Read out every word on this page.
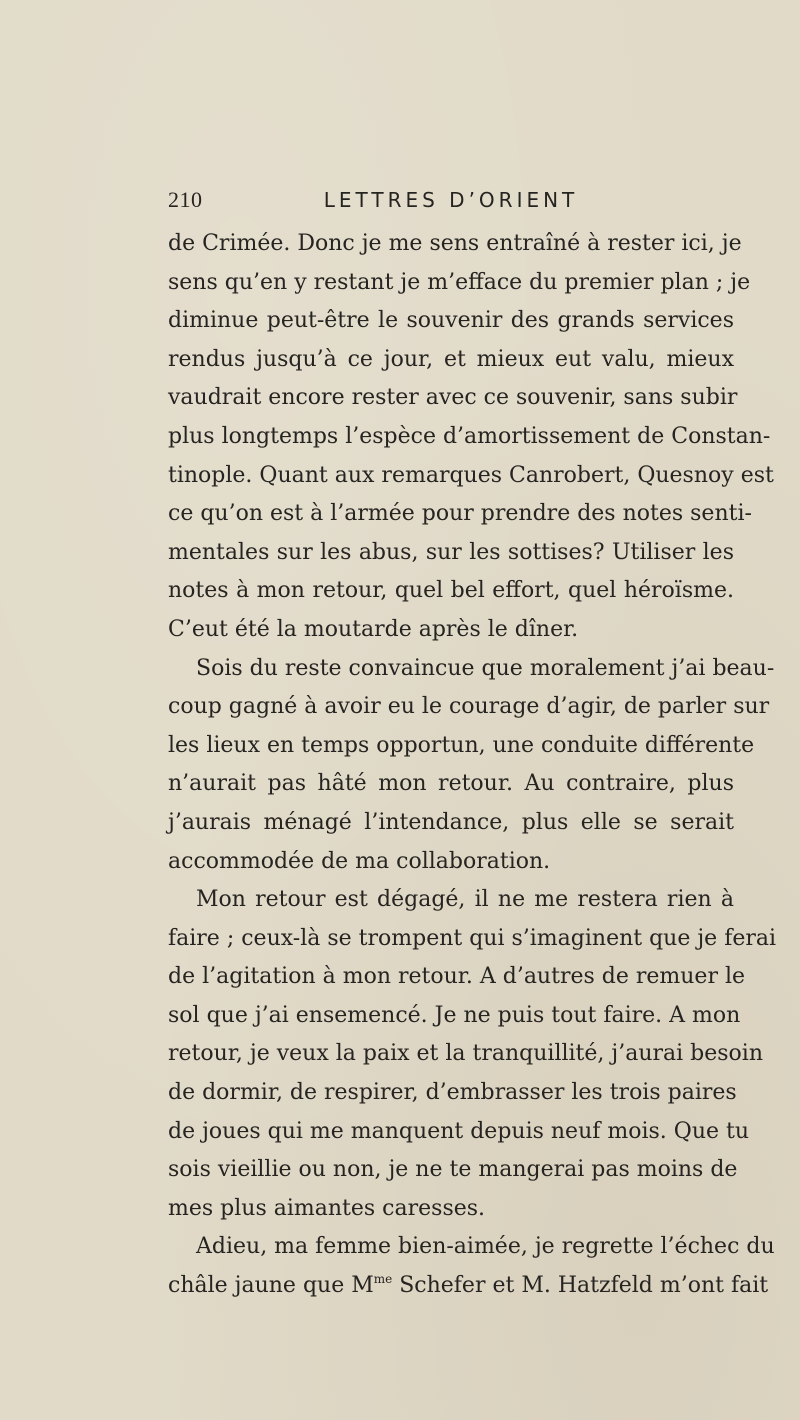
210	LETTRES D’ORIENT
de Crimée. Donc je me sens entraîné à rester ici, je
sens qu’en y restant je m’efface du premier plan ; je
diminue peut-être le souvenir des grands services
rendus jusqu’à ce jour, et mieux eut valu, mieux
vaudrait encore rester avec ce souvenir, sans subir
plus longtemps l’espèce d’amortissement de Constan-
tinople. Quant aux remarques Canrobert, Quesnoy est
ce qu’on est à l’armée pour prendre des notes senti-
mentales sur les abus, sur les sottises? Utiliser les
notes à mon retour, quel bel effort, quel héroïsme.
C’eut été la moutarde après le dîner.
Sois du reste convaincue que moralement j’ai beau-
coup gagné à avoir eu le courage d’agir, de parler sur
les lieux en temps opportun, une conduite différente
n’aurait pas hâté mon retour. Au contraire, plus
j’aurais ménagé l’intendance, plus elle se serait
accommodée de ma collaboration.
Mon retour est dégagé, il ne me restera rien à
faire ; ceux-là se trompent qui s’imaginent que je ferai
de l’agitation à mon retour. A d’autres de remuer le
sol que j’ai ensemencé. Je ne puis tout faire. A mon
retour, je veux la paix et la tranquillité, j’aurai besoin
de dormir, de respirer, d’embrasser les trois paires
de joues qui me manquent depuis neuf mois. Que tu
sois vieillie ou non, je ne te mangerai pas moins de
mes plus aimantes caresses.
Adieu, ma femme bien-aimée, je regrette l’échec du
châle jaune que $M^{me}$ Schefer et M. Hatzfeld m’ont fait
